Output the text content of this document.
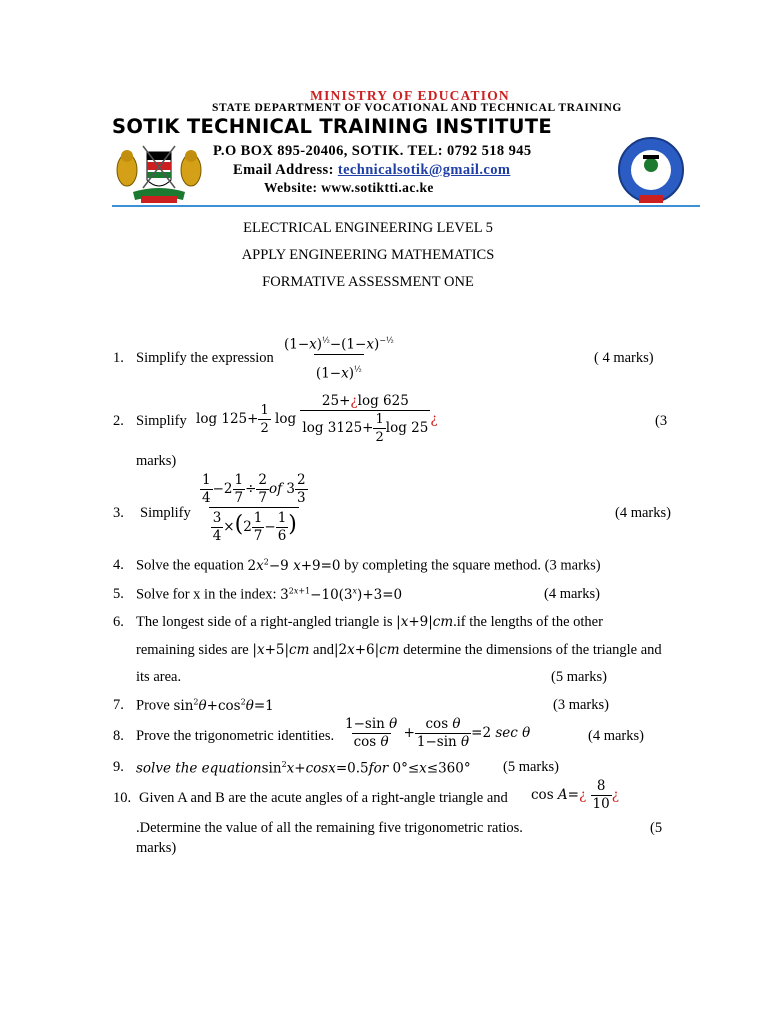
MINISTRY OF EDUCATION
STATE DEPARTMENT OF VOCATIONAL AND TECHNICAL TRAINING
SOTIK TECHNICAL TRAINING INSTITUTE
P.O BOX 895-20406, SOTIK. TEL: 0792 518 945
Email Address: technicalsotik@gmail.com
Website: www.sotiktti.ac.ke
ELECTRICAL ENGINEERING LEVEL 5
APPLY ENGINEERING MATHEMATICS
FORMATIVE ASSESSMENT ONE
1. Simplify the expression $\frac{(1-x)^{\frac{1}{2}}-(1-x)^{-\frac{1}{2}}}{(1-x)^{\frac{1}{2}}}$	( 4 marks)
2. Simplify $\log 125+ \frac{1}{2}$ $\log \frac{25+¿\log 625}{\log 3125+ \frac{1}{2} \log 25}$ ¿	(3
marks)
3. Simplify $\frac{\frac{1}{4} -2 \frac{1}{7} \div \frac{2}{7} of 3 \frac{2}{3}}{\frac{3}{4} \times(2 \frac{1}{7} - \frac{1}{6} )}$	(4 marks)
4. Solve the equation $2x^2-9$ x+9=0 by completing the square method. (3 marks)
5. Solve for x in the index: $3^{2x+1}-10(3^x)+3=0$	(4 marks)
6. The longest side of a right-angled triangle is |x+9|cm.if the lengths of the other
remaining sides are |x+5|cm and|2x+6|cm determine the dimensions of the triangle and
its area.	(5 marks)
7. Prove $\sin^2\theta+\cos^2\theta=1$	(3 marks)
8. Prove the trigonometric identities. $\frac{\text{1−sin θ}}{\text{cos θ}} + \frac{\text{cos θ}}{\text{1−sin θ}} =2$ sec θ	(4 marks)
9. solve the equationsin$^2$x+cosx=0.5for 0°≤x≤360° (5 marks)
10. Given A and B are the acute angles of a right-angle triangle and cos A=¿ $\frac{8}{10}$ ¿
.Determine the value of all the remaining five trigonometric ratios.	(5
marks)
